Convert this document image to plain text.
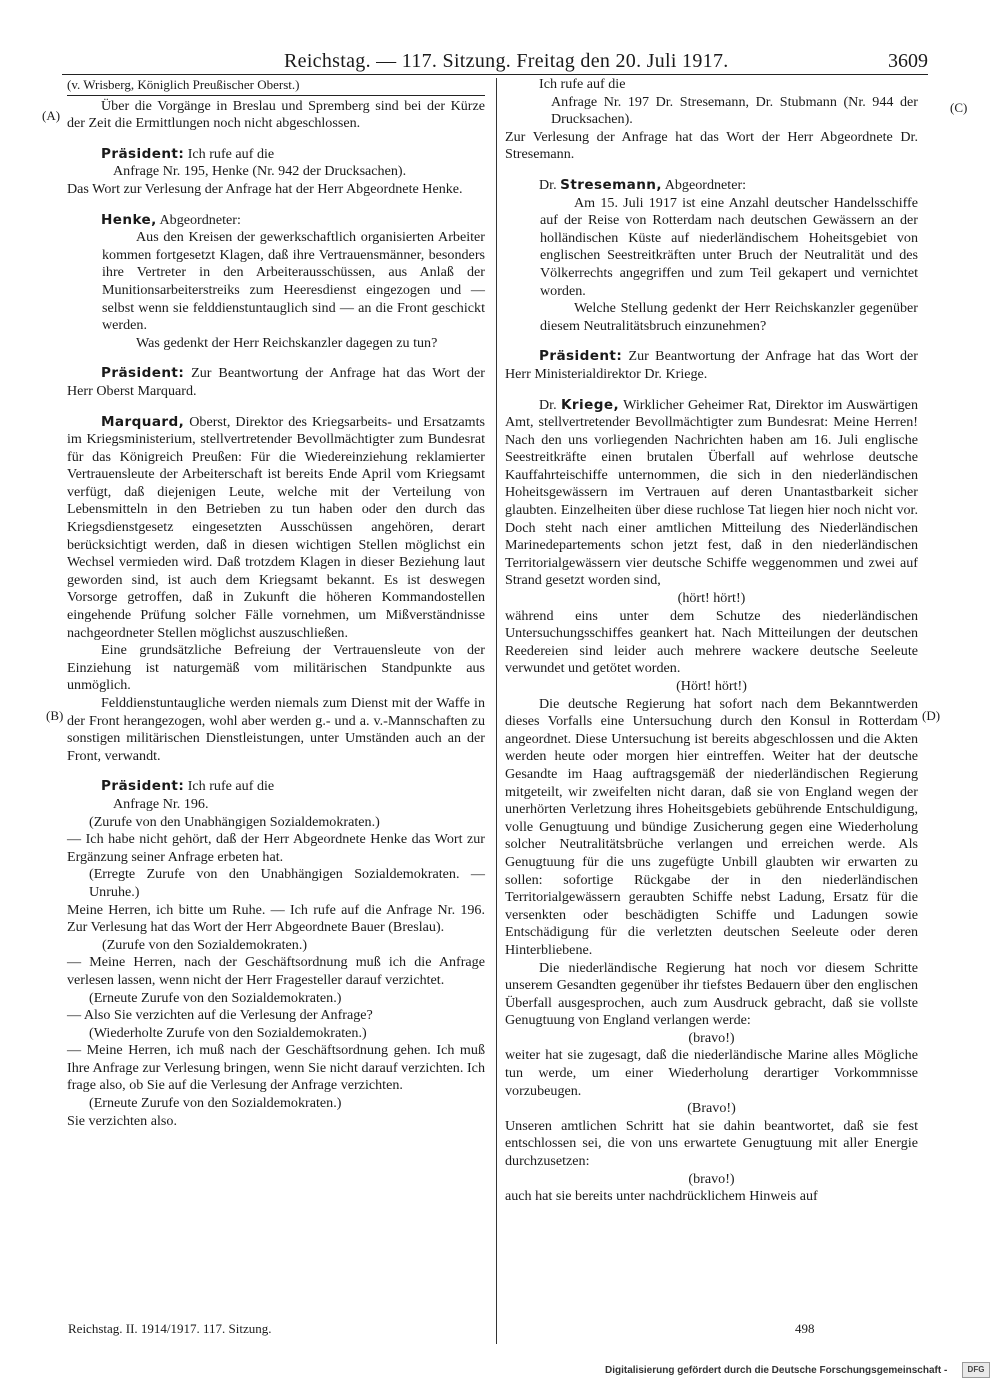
Reichstag. — 117. Sitzung. Freitag den 20. Juli 1917.	3609
(A)
(B)
(C)
(D)
(v. Wrisberg, Königlich Preußischer Oberst.)

Über die Vorgänge in Breslau und Spremberg sind bei der Kürze der Zeit die Ermittlungen noch nicht abgeschlossen.

Präsident: Ich rufe auf die

Anfrage Nr. 195, Henke (Nr. 942 der Drucksachen).

Das Wort zur Verlesung der Anfrage hat der Herr Abgeordnete Henke.

Henke, Abgeordneter:

Aus den Kreisen der gewerkschaftlich organisierten Arbeiter kommen fortgesetzt Klagen, daß ihre Vertrauensmänner, besonders ihre Vertreter in den Arbeiterausschüssen, aus Anlaß der Munitionsarbeiterstreiks zum Heeresdienst eingezogen und — selbst wenn sie felddienstuntauglich sind — an die Front geschickt werden.

Was gedenkt der Herr Reichskanzler dagegen zu tun?

Präsident: Zur Beantwortung der Anfrage hat das Wort der Herr Oberst Marquard.

Marquard, Oberst, Direktor des Kriegsarbeits- und Ersatzamts im Kriegsministerium, stellvertretender Bevollmächtigter zum Bundesrat für das Königreich Preußen: Für die Wiedereinziehung reklamierter Vertrauensleute der Arbeiterschaft ist bereits Ende April vom Kriegsamt verfügt, daß diejenigen Leute, welche mit der Verteilung von Lebensmitteln in den Betrieben zu tun haben oder den durch das Kriegsdienstgesetz eingesetzten Ausschüssen angehören, derart berücksichtigt werden, daß in diesen wichtigen Stellen möglichst ein Wechsel vermieden wird. Daß trotzdem Klagen in dieser Beziehung laut geworden sind, ist auch dem Kriegsamt bekannt. Es ist deswegen Vorsorge getroffen, daß in Zukunft die höheren Kommandostellen eingehende Prüfung solcher Fälle vornehmen, um Mißverständnisse nachgeordneter Stellen möglichst auszuschließen.

Eine grundsätzliche Befreiung der Vertrauensleute von der Einziehung ist naturgemäß vom militärischen Standpunkte aus unmöglich.

Felddienstuntaugliche werden niemals zum Dienst mit der Waffe in der Front herangezogen, wohl aber werden g.- und a. v.-Mannschaften zu sonstigen militärischen Dienstleistungen, unter Umständen auch an der Front, verwandt.

Präsident: Ich rufe auf die

Anfrage Nr. 196.

(Zurufe von den Unabhängigen Sozialdemokraten.)

— Ich habe nicht gehört, daß der Herr Abgeordnete Henke das Wort zur Ergänzung seiner Anfrage erbeten hat.

(Erregte Zurufe von den Unabhängigen Sozialdemokraten. — Unruhe.)

Meine Herren, ich bitte um Ruhe. — Ich rufe auf die Anfrage Nr. 196. Zur Verlesung hat das Wort der Herr Abgeordnete Bauer (Breslau).

(Zurufe von den Sozialdemokraten.)

— Meine Herren, nach der Geschäftsordnung muß ich die Anfrage verlesen lassen, wenn nicht der Herr Fragesteller darauf verzichtet.

(Erneute Zurufe von den Sozialdemokraten.)

— Also Sie verzichten auf die Verlesung der Anfrage?

(Wiederholte Zurufe von den Sozialdemokraten.)

— Meine Herren, ich muß nach der Geschäftsordnung gehen. Ich muß Ihre Anfrage zur Verlesung bringen, wenn Sie nicht darauf verzichten. Ich frage also, ob Sie auf die Verlesung der Anfrage verzichten.

(Erneute Zurufe von den Sozialdemokraten.)

Sie verzichten also.

Ich rufe auf die

Anfrage Nr. 197 Dr. Stresemann, Dr. Stubmann (Nr. 944 der Drucksachen).

Zur Verlesung der Anfrage hat das Wort der Herr Abgeordnete Dr. Stresemann.

Dr. Stresemann, Abgeordneter:

Am 15. Juli 1917 ist eine Anzahl deutscher Handelsschiffe auf der Reise von Rotterdam nach deutschen Gewässern an der holländischen Küste auf niederländischem Hoheitsgebiet von englischen Seestreitkräften unter Bruch der Neutralität und des Völkerrechts angegriffen und zum Teil gekapert und vernichtet worden.

Welche Stellung gedenkt der Herr Reichskanzler gegenüber diesem Neutralitätsbruch einzunehmen?

Präsident: Zur Beantwortung der Anfrage hat das Wort der Herr Ministerialdirektor Dr. Kriege.

Dr. Kriege, Wirklicher Geheimer Rat, Direktor im Auswärtigen Amt, stellvertretender Bevollmächtigter zum Bundesrat: Meine Herren! Nach den uns vorliegenden Nachrichten haben am 16. Juli englische Seestreitkräfte einen brutalen Überfall auf wehrlose deutsche Kauffahrteischiffe unternommen, die sich in den niederländischen Hoheitsgewässern im Vertrauen auf deren Unantastbarkeit sicher glaubten. Einzelheiten über diese ruchlose Tat liegen hier noch nicht vor. Doch steht nach einer amtlichen Mitteilung des Niederländischen Marinedepartements schon jetzt fest, daß in den niederländischen Territorialgewässern vier deutsche Schiffe weggenommen und zwei auf Strand gesetzt worden sind,

(hört! hört!)

während eins unter dem Schutze des niederländischen Untersuchungsschiffes geankert hat. Nach Mitteilungen der deutschen Reedereien sind leider auch mehrere wackere deutsche Seeleute verwundet und getötet worden.

(Hört! hört!)

Die deutsche Regierung hat sofort nach dem Bekanntwerden dieses Vorfalls eine Untersuchung durch den Konsul in Rotterdam angeordnet. Diese Untersuchung ist bereits abgeschlossen und die Akten werden heute oder morgen hier eintreffen. Weiter hat der deutsche Gesandte im Haag auftragsgemäß der niederländischen Regierung mitgeteilt, wir zweifelten nicht daran, daß sie von England wegen der unerhörten Verletzung ihres Hoheitsgebiets gebührende Entschuldigung, volle Genugtuung und bündige Zusicherung gegen eine Wiederholung solcher Neutralitätsbrüche verlangen und erreichen werde. Als Genugtuung für die uns zugefügte Unbill glaubten wir erwarten zu sollen: sofortige Rückgabe der in den niederländischen Territorialgewässern geraubten Schiffe nebst Ladung, Ersatz für die versenkten oder beschädigten Schiffe und Ladungen sowie Entschädigung für die verletzten deutschen Seeleute oder deren Hinterbliebene.

Die niederländische Regierung hat noch vor diesem Schritte unserem Gesandten gegenüber ihr tiefstes Bedauern über den englischen Überfall ausgesprochen, auch zum Ausdruck gebracht, daß sie vollste Genugtuung von England verlangen werde:

(bravo!)

weiter hat sie zugesagt, daß die niederländische Marine alles Mögliche tun werde, um einer Wiederholung derartiger Vorkommnisse vorzubeugen.

(Bravo!)

Unseren amtlichen Schritt hat sie dahin beantwortet, daß sie fest entschlossen sei, die von uns erwartete Genugtuung mit aller Energie durchzusetzen:

(bravo!)

auch hat sie bereits unter nachdrücklichem Hinweis auf

Reichstag. II. 1914/1917. 117. Sitzung.	498
Digitalisierung gefördert durch die Deutsche Forschungsgemeinschaft -	DFG
